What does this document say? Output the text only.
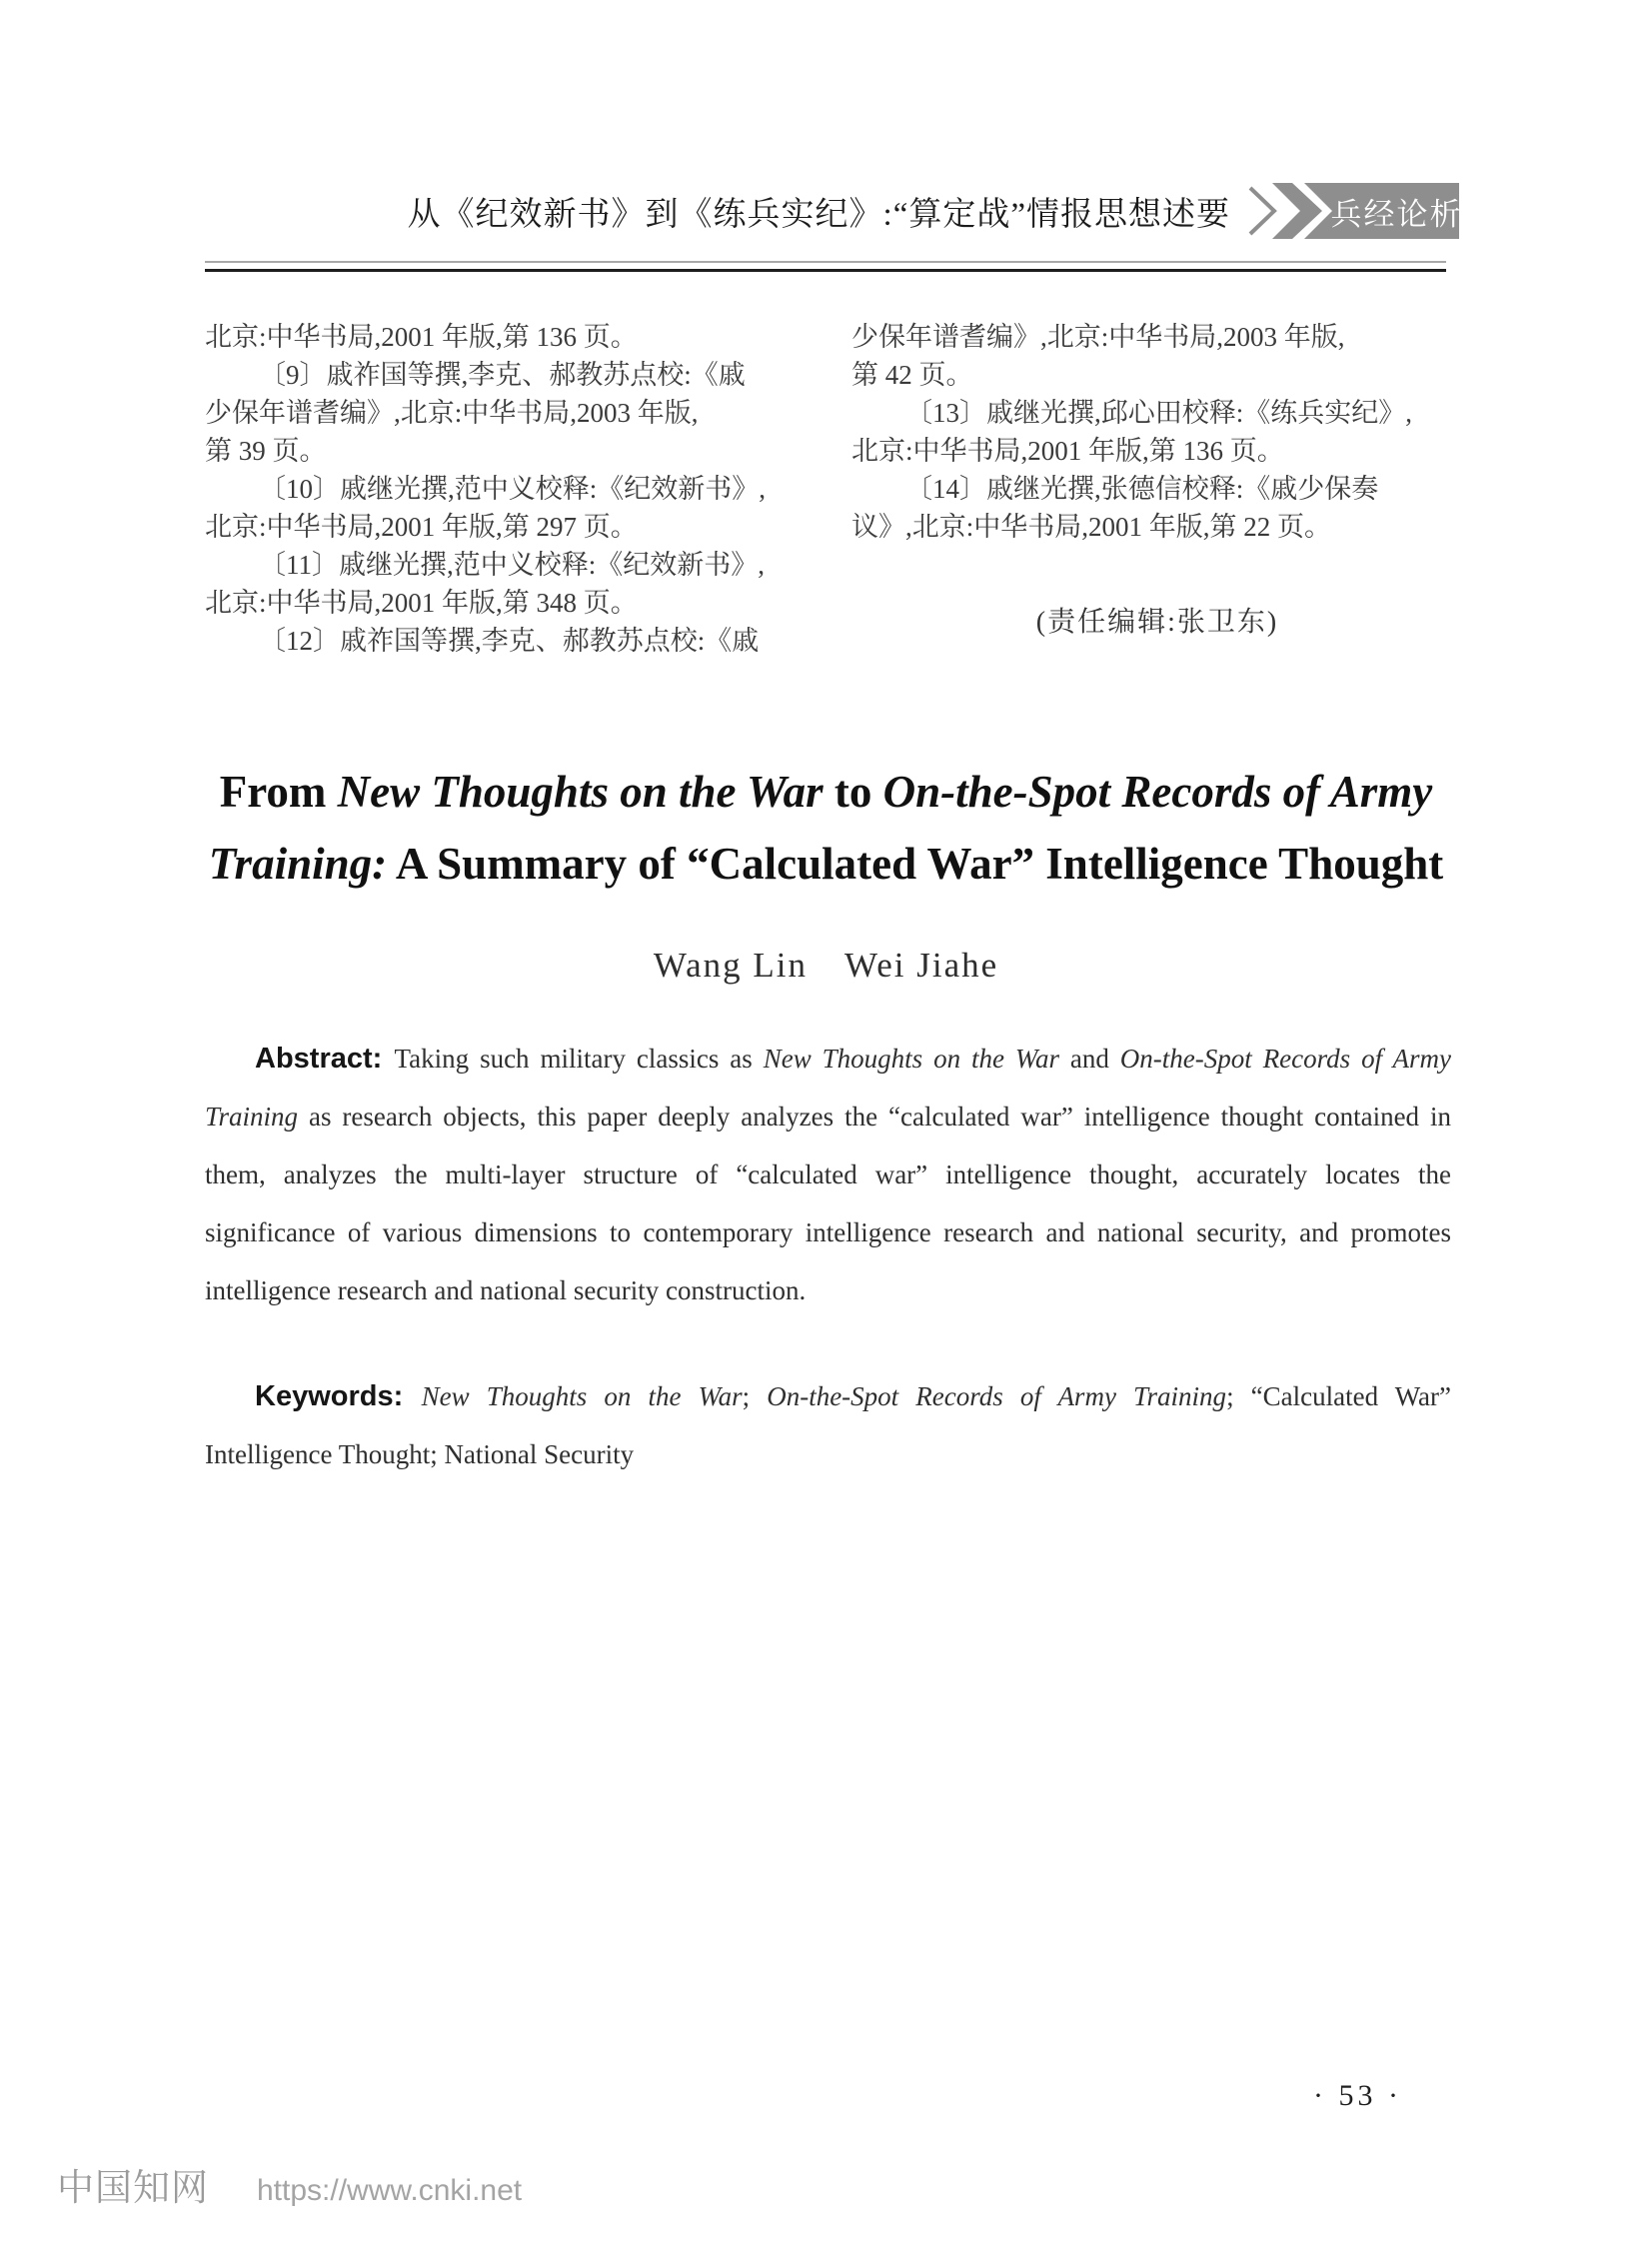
从《纪效新书》到《练兵实纪》:“算定战”情报思想述要	兵经论析

北京:中华书局,2001 年版,第 136 页。

〔9〕戚祚国等撰,李克、郝教苏点校:《戚

少保年谱耆编》,北京:中华书局,2003 年版,

第 39 页。

〔10〕戚继光撰,范中义校释:《纪效新书》,

北京:中华书局,2001 年版,第 297 页。

〔11〕戚继光撰,范中义校释:《纪效新书》,

北京:中华书局,2001 年版,第 348 页。

〔12〕戚祚国等撰,李克、郝教苏点校:《戚

少保年谱耆编》,北京:中华书局,2003 年版,

第 42 页。

〔13〕戚继光撰,邱心田校释:《练兵实纪》,

北京:中华书局,2001 年版,第 136 页。

〔14〕戚继光撰,张德信校释:《戚少保奏

议》,北京:中华书局,2001 年版,第 22 页。

(责任编辑:张卫东)
From New Thoughts on the War to On-the-Spot Records of Army
Training: A Summary of “Calculated War” Intelligence Thought
Wang Lin Wei Jiahe

Abstract: Taking such military classics as New Thoughts on the War and On-the-Spot Records of Army Training as research objects, this paper deeply analyzes the “calculated war” intelligence thought contained in them, analyzes the multi-layer structure of “calculated war” intelligence thought, accurately locates the significance of various dimensions to contemporary intelligence research and national security, and promotes intelligence research and national security construction.

Keywords: New Thoughts on the War; On-the-Spot Records of Army Training; “Calculated War” Intelligence Thought; National Security

· 53 ·
中国知网 https://www.cnki.net
